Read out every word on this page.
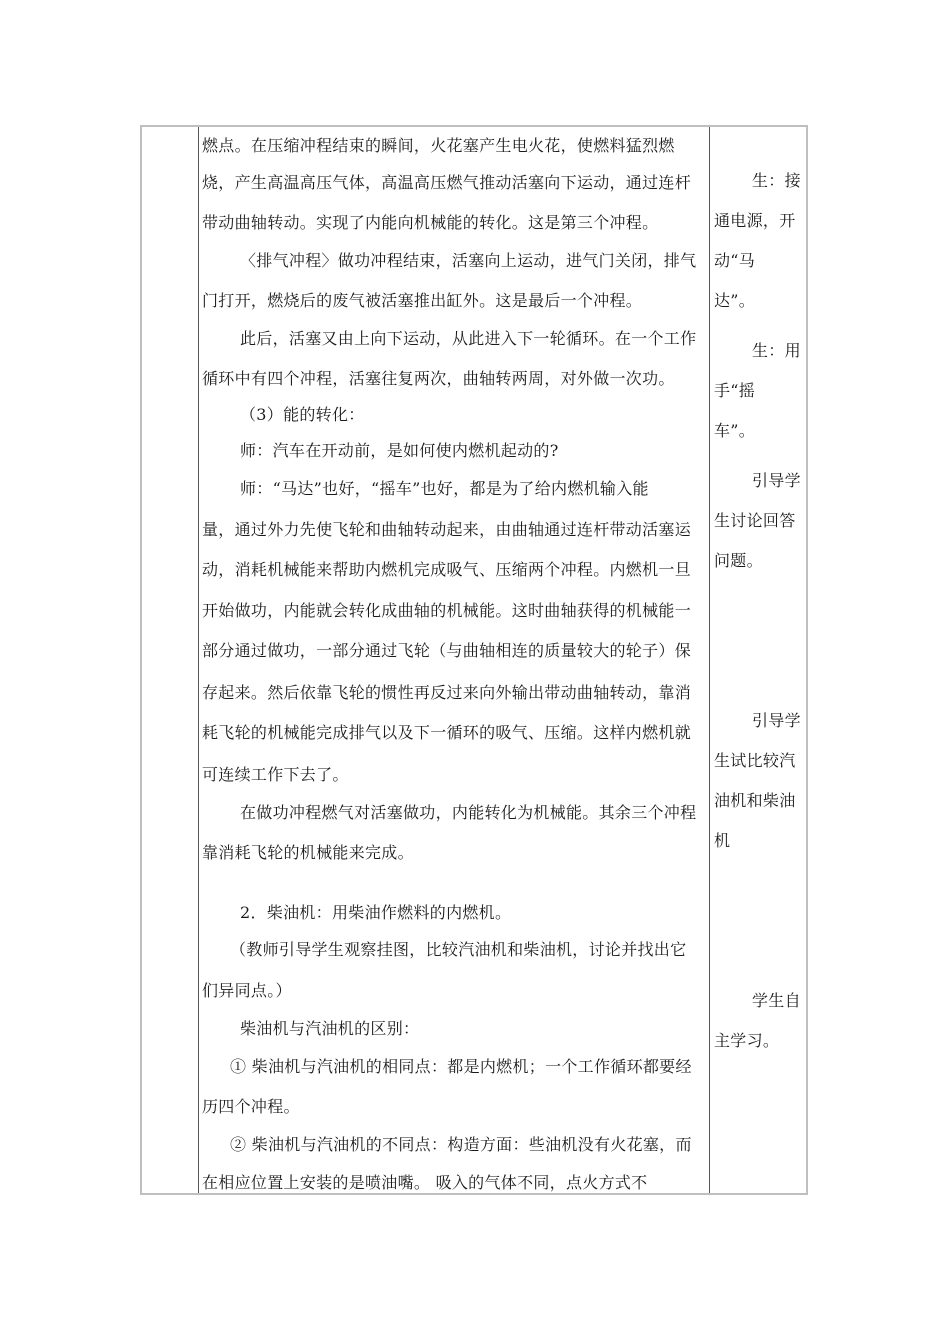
燃点。在压缩冲程结束的瞬间，火花塞产生电火花，使燃料猛烈燃
烧，产生高温高压气体，高温高压燃气推动活塞向下运动，通过连杆
带动曲轴转动。实现了内能向机械能的转化。这是第三个冲程。
〈排气冲程〉做功冲程结束，活塞向上运动，进气门关闭，排气
门打开，燃烧后的废气被活塞推出缸外。这是最后一个冲程。
此后，活塞又由上向下运动，从此进入下一轮循环。在一个工作
循环中有四个冲程，活塞往复两次，曲轴转两周，对外做一次功。
（3）能的转化：
师：汽车在开动前，是如何使内燃机起动的?
师：“马达”也好，“摇车”也好，都是为了给内燃机输入能
量，通过外力先使飞轮和曲轴转动起来，由曲轴通过连杆带动活塞运
动，消耗机械能来帮助内燃机完成吸气、压缩两个冲程。内燃机一旦
开始做功，内能就会转化成曲轴的机械能。这时曲轴获得的机械能一
部分通过做功，一部分通过飞轮（与曲轴相连的质量较大的轮子）保
存起来。然后依靠飞轮的惯性再反过来向外输出带动曲轴转动，靠消
耗飞轮的机械能完成排气以及下一循环的吸气、压缩。这样内燃机就
可连续工作下去了。
在做功冲程燃气对活塞做功，内能转化为机械能。其余三个冲程
靠消耗飞轮的机械能来完成。
2．柴油机：用柴油作燃料的内燃机。
（教师引导学生观察挂图，比较汽油机和柴油机，讨论并找出它
们异同点。）
柴油机与汽油机的区别：
① 柴油机与汽油机的相同点：都是内燃机；一个工作循环都要经
历四个冲程。
② 柴油机与汽油机的不同点：构造方面：些油机没有火花塞，而
在相应位置上安装的是喷油嘴。 吸入的气体不同，点火方式不
生：接
通电源，开
动“马
达”。
生：用
手“摇
车”。
引导学
生讨论回答
问题。
引导学
生试比较汽
油机和柴油
机
学生自
主学习。
